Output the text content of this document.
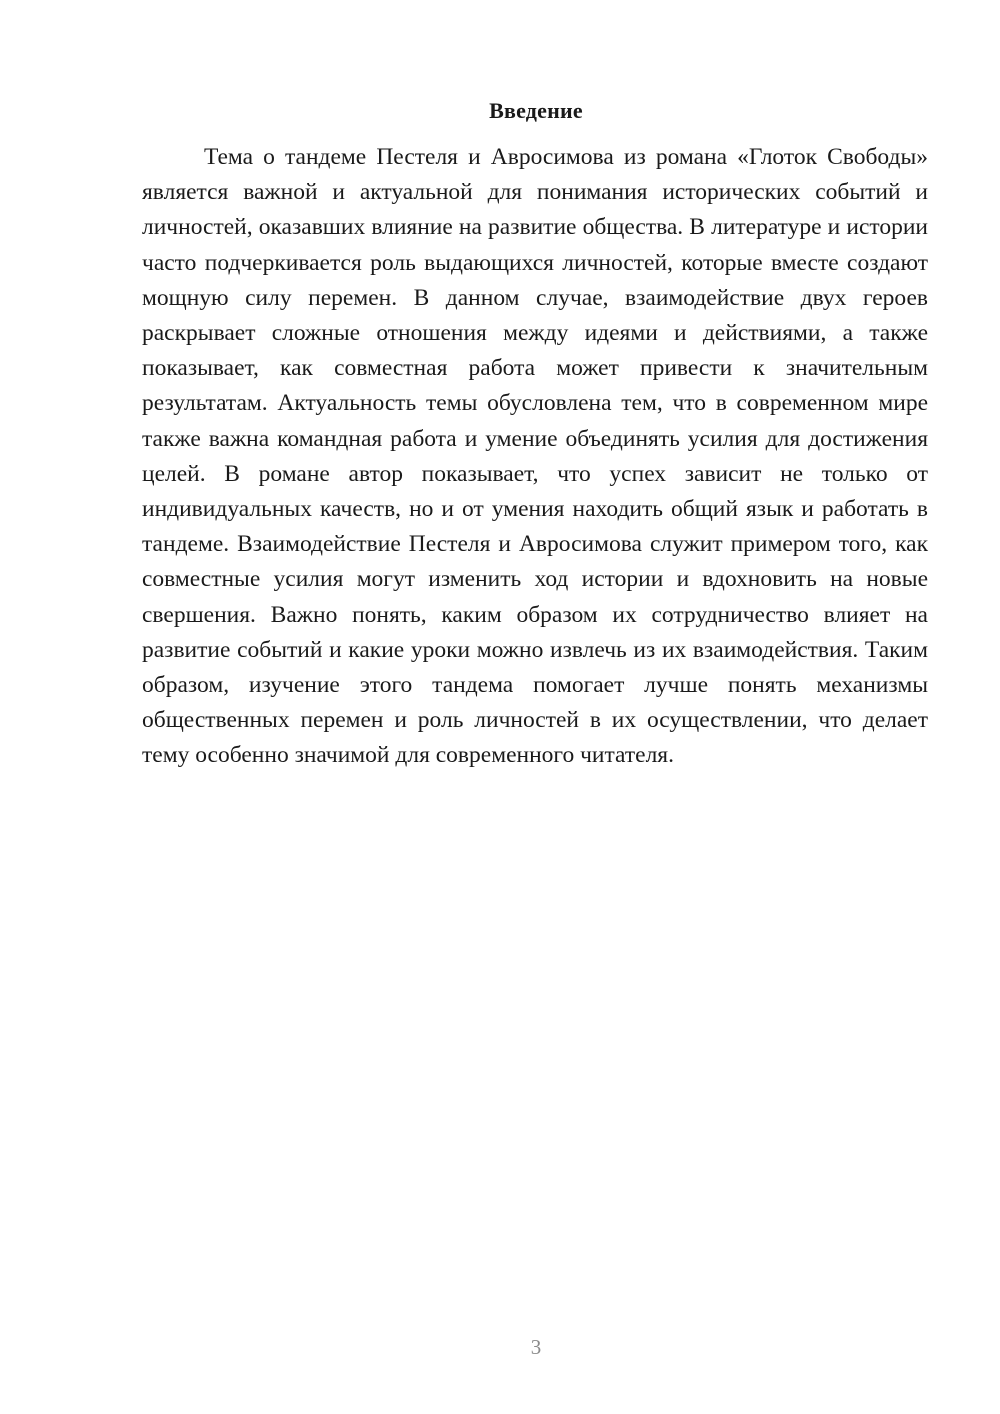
Введение

Тема о тандеме Пестеля и Авросимова из романа «Глоток Свободы» является важной и актуальной для понимания исторических событий и личностей, оказавших влияние на развитие общества. В литературе и истории часто подчеркивается роль выдающихся личностей, которые вместе создают мощную силу перемен. В данном случае, взаимодействие двух героев раскрывает сложные отношения между идеями и действиями, а также показывает, как совместная работа может привести к значительным результатам. Актуальность темы обусловлена тем, что в современном мире также важна командная работа и умение объединять усилия для достижения целей. В романе автор показывает, что успех зависит не только от индивидуальных качеств, но и от умения находить общий язык и работать в тандеме. Взаимодействие Пестеля и Авросимова служит примером того, как совместные усилия могут изменить ход истории и вдохновить на новые свершения. Важно понять, каким образом их сотрудничество влияет на развитие событий и какие уроки можно извлечь из их взаимодействия. Таким образом, изучение этого тандема помогает лучше понять механизмы общественных перемен и роль личностей в их осуществлении, что делает тему особенно значимой для современного читателя.

3
